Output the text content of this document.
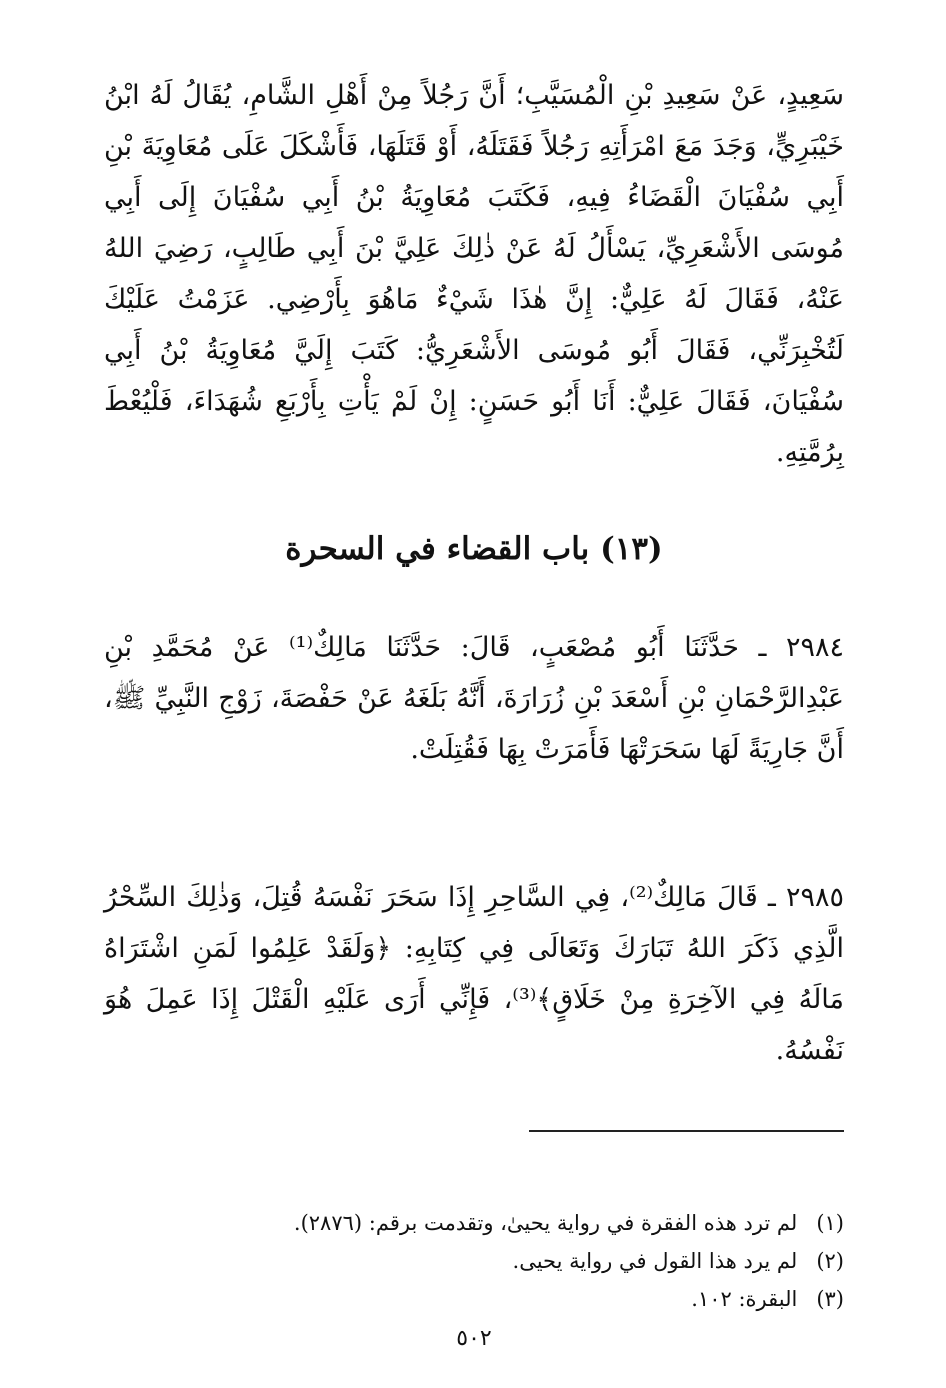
سَعِيدٍ، عَنْ سَعِيدِ بْنِ الْمُسَيَّبِ؛ أَنَّ رَجُلاً مِنْ أَهْلِ الشَّامِ، يُقَالُ لَهُ ابْنُ خَيْبَرِيٍّ، وَجَدَ مَعَ امْرَأَتِهِ رَجُلاً فَقَتَلَهُ، أَوْ قَتَلَهَا، فَأَشْكَلَ عَلَى مُعَاوِيَةَ بْنِ أَبِي سُفْيَانَ الْقَضَاءُ فِيهِ، فَكَتَبَ مُعَاوِيَةُ بْنُ أَبِي سُفْيَانَ إِلَى أَبِي مُوسَى الأَشْعَرِيِّ، يَسْأَلُ لَهُ عَنْ ذٰلِكَ عَلِيَّ بْنَ أَبِي طَالِبٍ، رَضِيَ اللهُ عَنْهُ، فَقَالَ لَهُ عَلِيٌّ: إِنَّ هٰذَا شَيْءٌ مَاهُوَ بِأَرْضِي. عَزَمْتُ عَلَيْكَ لَتُخْبِرَنِّي، فَقَالَ أَبُو مُوسَى الأَشْعَرِيُّ: كَتَبَ إِلَيَّ مُعَاوِيَةُ بْنُ أَبِي سُفْيَانَ، فَقَالَ عَلِيٌّ: أَنَا أَبُو حَسَنٍ: إِنْ لَمْ يَأْتِ بِأَرْبَعِ شُهَدَاءَ، فَلْيُعْطَ بِرُمَّتِهِ.

(١٣) باب القضاء في السحرة

٢٩٨٤ ـ حَدَّثَنَا أَبُو مُصْعَبٍ، قَالَ: حَدَّثَنَا مَالِكٌ⁽¹⁾ عَنْ مُحَمَّدِ بْنِ عَبْدِالرَّحْمَانِ بْنِ أَسْعَدَ بْنِ زُرَارَةَ، أَنَّهُ بَلَغَهُ عَنْ حَفْصَةَ، زَوْجِ النَّبِيِّ ﷺ، أَنَّ جَارِيَةً لَهَا سَحَرَتْهَا فَأَمَرَتْ بِهَا فَقُتِلَتْ.

٢٩٨٥ ـ قَالَ مَالِكٌ⁽²⁾، فِي السَّاحِرِ إِذَا سَحَرَ نَفْسَهُ قُتِلَ، وَذٰلِكَ السِّحْرُ الَّذِي ذَكَرَ اللهُ تَبَارَكَ وَتَعَالَى فِي كِتَابِهِ: ﴿وَلَقَدْ عَلِمُوا لَمَنِ اشْتَرَاهُ مَالَهُ فِي الآخِرَةِ مِنْ خَلَاقٍ﴾⁽³⁾، فَإِنِّي أَرَى عَلَيْهِ الْقَتْلَ إِذَا عَمِلَ هُوَ نَفْسُهُ.

(١) لم ترد هذه الفقرة في رواية يحيىٰ، وتقدمت برقم: (٢٨٧٦).

(٢) لم يرد هذا القول في رواية يحيى.

(٣) البقرة: ١٠٢.

٥٠٢
